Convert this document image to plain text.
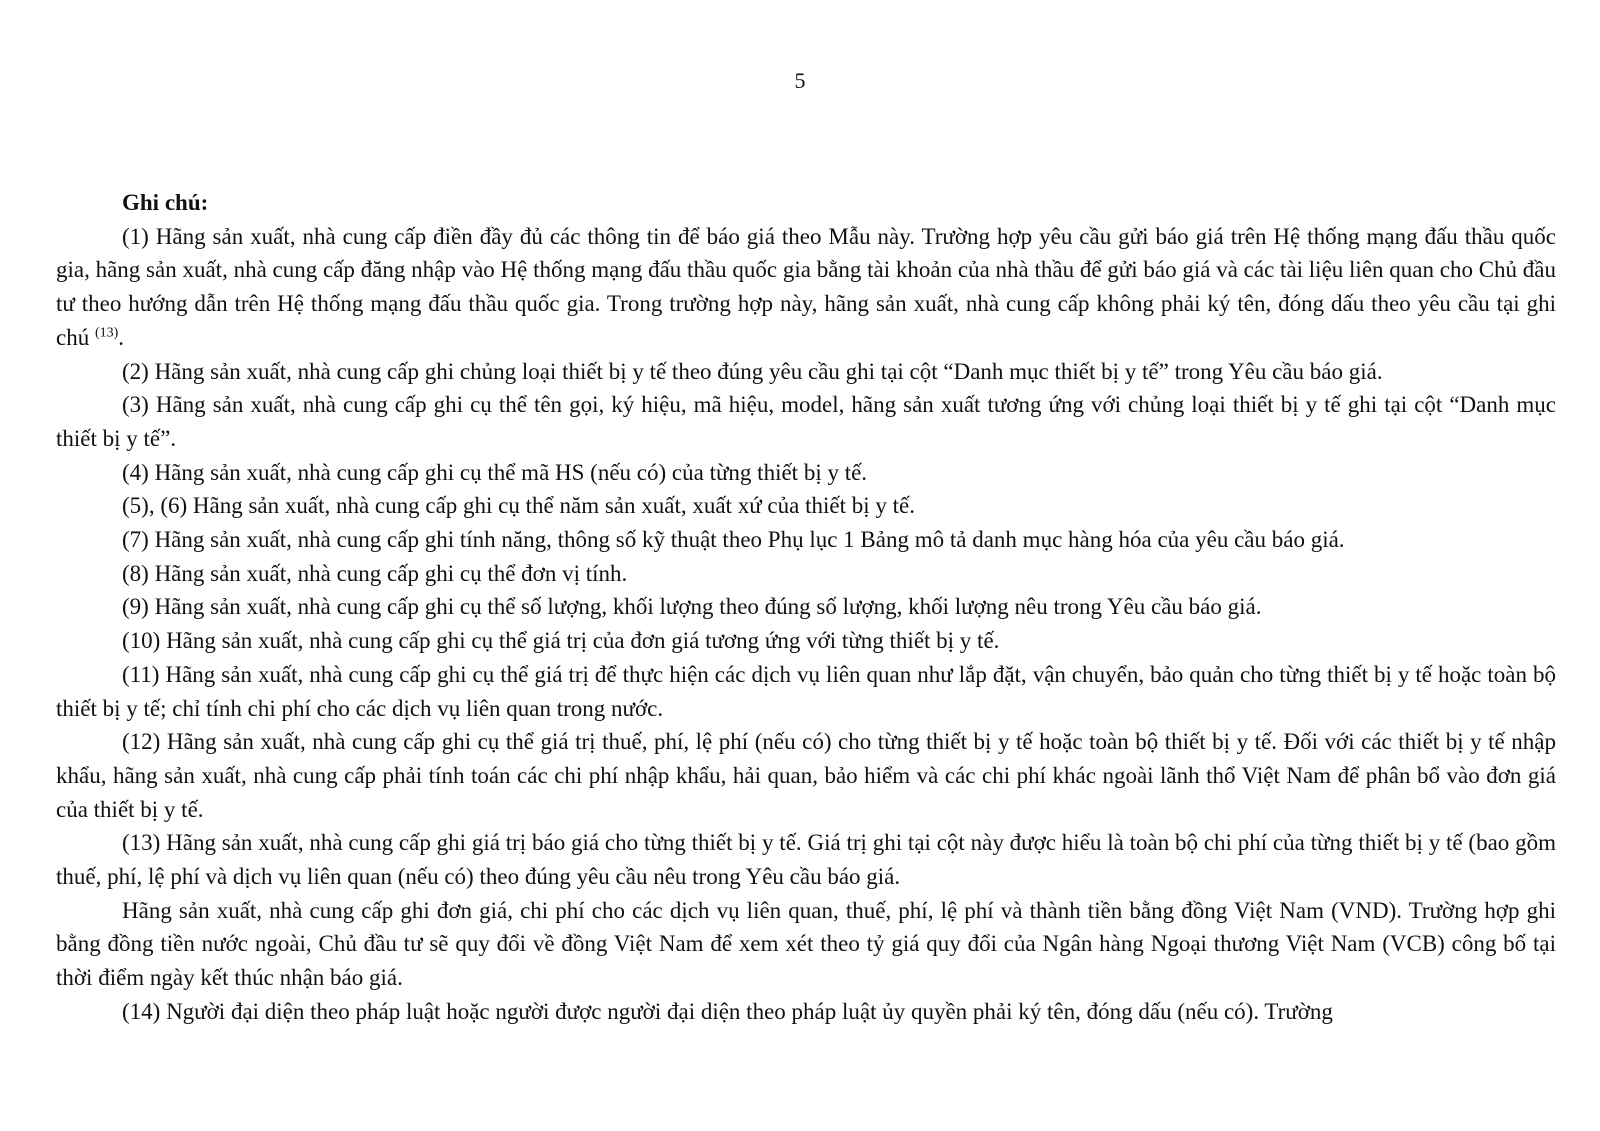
5

Ghi chú:

(1) Hãng sản xuất, nhà cung cấp điền đầy đủ các thông tin để báo giá theo Mẫu này. Trường hợp yêu cầu gửi báo giá trên Hệ thống mạng đấu thầu quốc gia, hãng sản xuất, nhà cung cấp đăng nhập vào Hệ thống mạng đấu thầu quốc gia bằng tài khoản của nhà thầu để gửi báo giá và các tài liệu liên quan cho Chủ đầu tư theo hướng dẫn trên Hệ thống mạng đấu thầu quốc gia. Trong trường hợp này, hãng sản xuất, nhà cung cấp không phải ký tên, đóng dấu theo yêu cầu tại ghi chú $^{(13)}$.

(2) Hãng sản xuất, nhà cung cấp ghi chủng loại thiết bị y tế theo đúng yêu cầu ghi tại cột “Danh mục thiết bị y tế” trong Yêu cầu báo giá.

(3) Hãng sản xuất, nhà cung cấp ghi cụ thể tên gọi, ký hiệu, mã hiệu, model, hãng sản xuất tương ứng với chủng loại thiết bị y tế ghi tại cột “Danh mục thiết bị y tế”.

(4) Hãng sản xuất, nhà cung cấp ghi cụ thể mã HS (nếu có) của từng thiết bị y tế.

(5), (6) Hãng sản xuất, nhà cung cấp ghi cụ thể năm sản xuất, xuất xứ của thiết bị y tế.

(7) Hãng sản xuất, nhà cung cấp ghi tính năng, thông số kỹ thuật theo Phụ lục 1 Bảng mô tả danh mục hàng hóa của yêu cầu báo giá.

(8) Hãng sản xuất, nhà cung cấp ghi cụ thể đơn vị tính.

(9) Hãng sản xuất, nhà cung cấp ghi cụ thể số lượng, khối lượng theo đúng số lượng, khối lượng nêu trong Yêu cầu báo giá.

(10) Hãng sản xuất, nhà cung cấp ghi cụ thể giá trị của đơn giá tương ứng với từng thiết bị y tế.

(11) Hãng sản xuất, nhà cung cấp ghi cụ thể giá trị để thực hiện các dịch vụ liên quan như lắp đặt, vận chuyển, bảo quản cho từng thiết bị y tế hoặc toàn bộ thiết bị y tế; chỉ tính chi phí cho các dịch vụ liên quan trong nước.

(12) Hãng sản xuất, nhà cung cấp ghi cụ thể giá trị thuế, phí, lệ phí (nếu có) cho từng thiết bị y tế hoặc toàn bộ thiết bị y tế. Đối với các thiết bị y tế nhập khẩu, hãng sản xuất, nhà cung cấp phải tính toán các chi phí nhập khẩu, hải quan, bảo hiểm và các chi phí khác ngoài lãnh thổ Việt Nam để phân bổ vào đơn giá của thiết bị y tế.

(13) Hãng sản xuất, nhà cung cấp ghi giá trị báo giá cho từng thiết bị y tế. Giá trị ghi tại cột này được hiểu là toàn bộ chi phí của từng thiết bị y tế (bao gồm thuế, phí, lệ phí và dịch vụ liên quan (nếu có) theo đúng yêu cầu nêu trong Yêu cầu báo giá.

Hãng sản xuất, nhà cung cấp ghi đơn giá, chi phí cho các dịch vụ liên quan, thuế, phí, lệ phí và thành tiền bằng đồng Việt Nam (VND). Trường hợp ghi bằng đồng tiền nước ngoài, Chủ đầu tư sẽ quy đổi về đồng Việt Nam để xem xét theo tỷ giá quy đổi của Ngân hàng Ngoại thương Việt Nam (VCB) công bố tại thời điểm ngày kết thúc nhận báo giá.

(14) Người đại diện theo pháp luật hoặc người được người đại diện theo pháp luật ủy quyền phải ký tên, đóng dấu (nếu có). Trường
